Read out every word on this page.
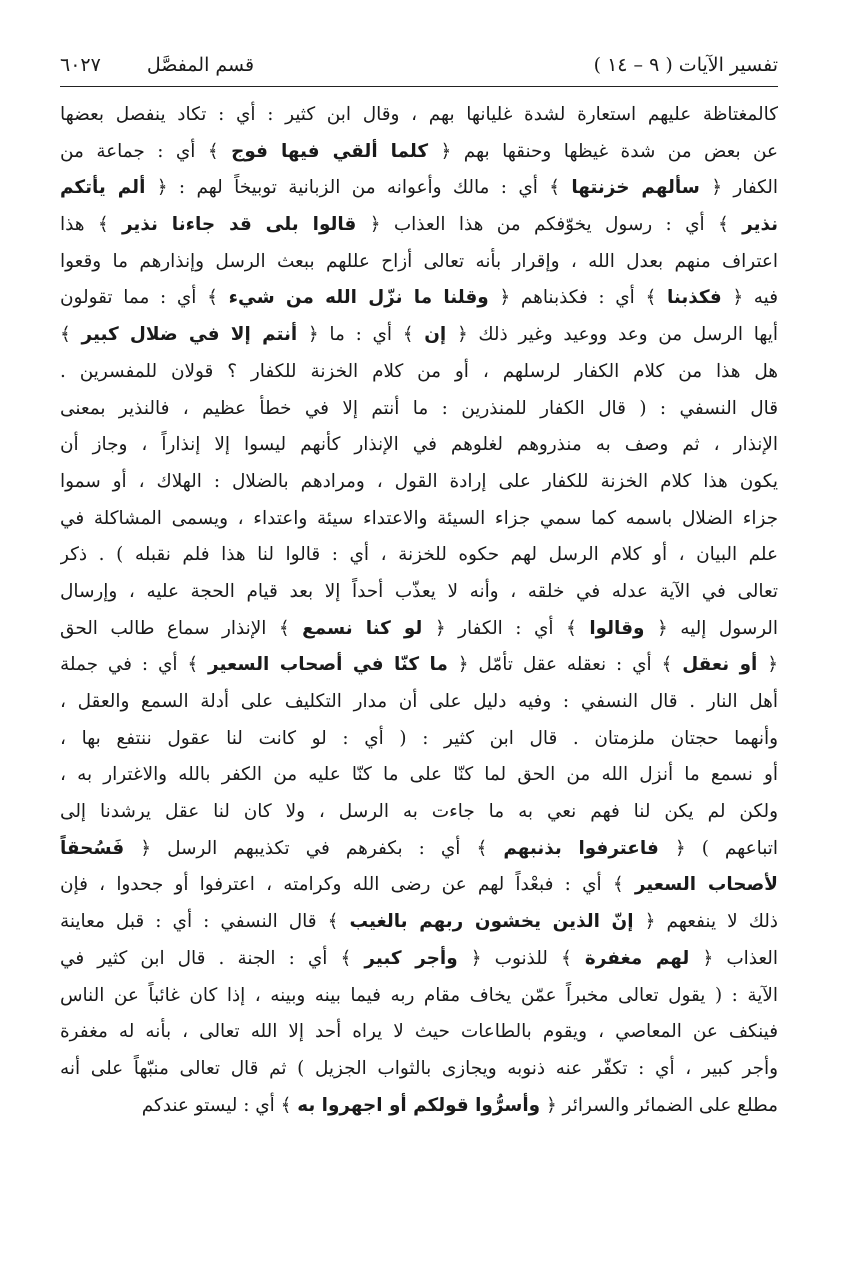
تفسير الآيات ( ٩ – ١٤ )
قسم المفصَّل
٦٠٢٧
كالمغتاظة عليهم استعارة لشدة غليانها بهم ، وقال ابن كثير : أي : تكاد ينفصل بعضها
عن بعض من شدة غيظها وحنقها بهم ﴿ كلما ألقي فيها فوج ﴾ أي : جماعة من
الكفار ﴿ سألهم خزنتها ﴾ أي : مالك وأعوانه من الزبانية توبيخاً لهم : ﴿ ألم يأتكم
نذير ﴾ أي : رسول يخوّفكم من هذا العذاب ﴿ قالوا بلى قد جاءنا نذير ﴾ هذا
اعتراف منهم بعدل الله ، وإقرار بأنه تعالى أزاح عللهم ببعث الرسل وإنذارهم ما وقعوا
فيه ﴿ فكذبنا ﴾ أي : فكذبناهم ﴿ وقلنا ما نزّل الله من شيء ﴾ أي : مما تقولون
أيها الرسل من وعد ووعيد وغير ذلك ﴿ إن ﴾ أي : ما ﴿ أنتم إلا في ضلال كبير ﴾
هل هذا من كلام الكفار لرسلهم ، أو من كلام الخزنة للكفار ؟ قولان للمفسرين .
قال النسفي : ( قال الكفار للمنذرين : ما أنتم إلا في خطأ عظيم ، فالنذير بمعنى
الإنذار ، ثم وصف به منذروهم لغلوهم في الإنذار كأنهم ليسوا إلا إنذاراً ، وجاز أن
يكون هذا كلام الخزنة للكفار على إرادة القول ، ومرادهم بالضلال : الهلاك ، أو سموا
جزاء الضلال باسمه كما سمي جزاء السيئة والاعتداء سيئة واعتداء ، ويسمى المشاكلة في
علم البيان ، أو كلام الرسل لهم حكوه للخزنة ، أي : قالوا لنا هذا فلم نقبله ) . ذكر
تعالى في الآية عدله في خلقه ، وأنه لا يعذّب أحداً إلا بعد قيام الحجة عليه ، وإرسال
الرسول إليه ﴿ وقالوا ﴾ أي : الكفار ﴿ لو كنا نسمع ﴾ الإنذار سماع طالب الحق
﴿ أو نعقل ﴾ أي : نعقله عقل تأمّل ﴿ ما كنّا في أصحاب السعير ﴾ أي : في جملة
أهل النار . قال النسفي : وفيه دليل على أن مدار التكليف على أدلة السمع والعقل ،
وأنهما حجتان ملزمتان . قال ابن كثير : ( أي : لو كانت لنا عقول ننتفع بها ،
أو نسمع ما أنزل الله من الحق لما كنّا على ما كنّا عليه من الكفر بالله والاغترار به ،
ولكن لم يكن لنا فهم نعي به ما جاءت به الرسل ، ولا كان لنا عقل يرشدنا إلى
اتباعهم ) ﴿ فاعترفوا بذنبهم ﴾ أي : بكفرهم في تكذيبهم الرسل ﴿ فَسُحقاً
لأصحاب السعير ﴾ أي : فبعْداً لهم عن رضى الله وكرامته ، اعترفوا أو جحدوا ، فإن
ذلك لا ينفعهم ﴿ إنّ الذين يخشون ربهم بالغيب ﴾ قال النسفي : أي : قبل معاينة
العذاب ﴿ لهم مغفرة ﴾ للذنوب ﴿ وأجر كبير ﴾ أي : الجنة . قال ابن كثير في
الآية : ( يقول تعالى مخبراً عمّن يخاف مقام ربه فيما بينه وبينه ، إذا كان غائباً عن الناس
فينكف عن المعاصي ، ويقوم بالطاعات حيث لا يراه أحد إلا الله تعالى ، بأنه له مغفرة
وأجر كبير ، أي : تكفّر عنه ذنوبه ويجازى بالثواب الجزيل ) ثم قال تعالى منبّهاً على أنه
مطلع على الضمائر والسرائر ﴿ وأسرُّوا قولكم أو اجهروا به ﴾ أي : ليستو عندكم
